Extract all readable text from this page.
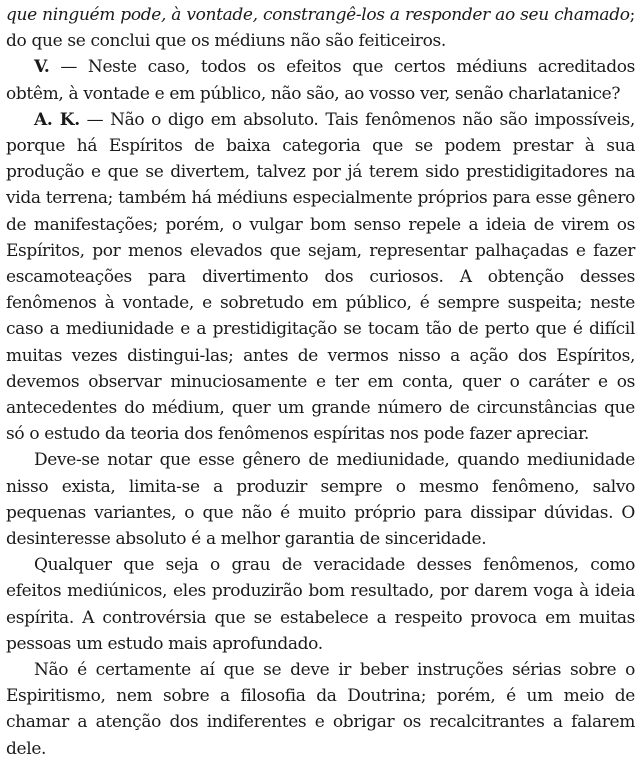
que ninguém pode, à vontade, constrangê-los a responder ao seu chamado; do que se conclui que os médiuns não são feiticeiros.

V. — Neste caso, todos os efeitos que certos médiuns acreditados obtêm, à vontade e em público, não são, ao vosso ver, senão charlatanice?

A. K. — Não o digo em absoluto. Tais fenômenos não são impossíveis, porque há Espíritos de baixa categoria que se podem prestar à sua produção e que se divertem, talvez por já terem sido prestidigitadores na vida terrena; também há médiuns especialmente próprios para esse gênero de manifestações; porém, o vulgar bom senso repele a ideia de virem os Espíritos, por menos elevados que sejam, representar palhaçadas e fazer escamoteações para divertimento dos curiosos. A obtenção desses fenômenos à vontade, e sobretudo em público, é sempre suspeita; neste caso a mediunidade e a prestidigitação se tocam tão de perto que é difícil muitas vezes distingui-las; antes de vermos nisso a ação dos Espíritos, devemos observar minuciosamente e ter em conta, quer o caráter e os antecedentes do médium, quer um grande número de circunstâncias que só o estudo da teoria dos fenômenos espíritas nos pode fazer apreciar.

Deve-se notar que esse gênero de mediunidade, quando mediunidade nisso exista, limita-se a produzir sempre o mesmo fenômeno, salvo pequenas variantes, o que não é muito próprio para dissipar dúvidas. O desinteresse absoluto é a melhor garantia de sinceridade.

Qualquer que seja o grau de veracidade desses fenômenos, como efeitos mediúnicos, eles produzirão bom resultado, por darem voga à ideia espírita. A controvérsia que se estabelece a respeito provoca em muitas pessoas um estudo mais aprofundado.

Não é certamente aí que se deve ir beber instruções sérias sobre o Espiritismo, nem sobre a filosofia da Doutrina; porém, é um meio de chamar a atenção dos indiferentes e obrigar os recalcitrantes a falarem dele.
